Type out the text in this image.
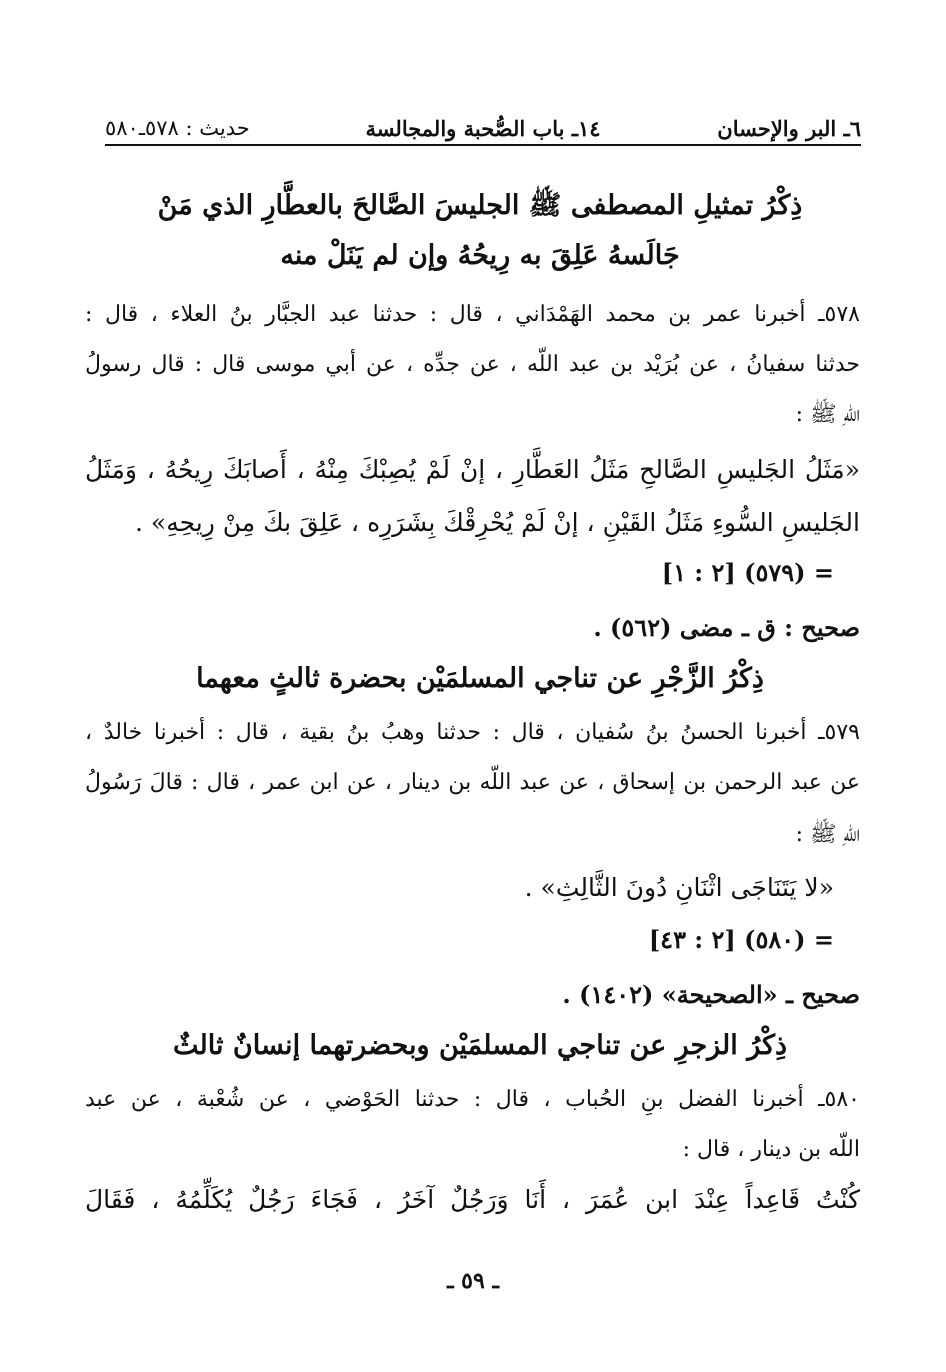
٦ـ البر والإحسان
١٤ـ باب الصُّحبة والمجالسة
حديث : ٥٧٨ـ٥٨٠
ذِكْرُ تمثيلِ المصطفى ﷺ الجليسَ الصَّالحَ بالعطَّارِ الذي مَنْ
جَالَسهُ عَلِقَ به رِيحُهُ وإن لم يَنَلْ منه
٥٧٨ـ أخبرنا عمر بن محمد الهَمْدَاني ، قال : حدثنا عبد الجبَّار بنُ العلاء ، قال :
حدثنا سفيانُ ، عن بُرَيْد بن عبد اللّه ، عن جدِّه ، عن أبي موسى قال : قال رسولُ
اللّهِ ﷺ :
«مَثَلُ الجَليسِ الصَّالحِ مَثَلُ العَطَّارِ ، إنْ لَمْ يُصِبْكَ مِنْهُ ، أَصابَكَ رِيحُهُ ، وَمَثَلُ
الجَليسِ السُّوءِ مَثَلُ القَيْنِ ، إنْ لَمْ يُحْرِقْكَ بِشَرَرِه ، عَلِقَ بكَ مِنْ رِيحِهِ» .
= (٥٧٩) [٢ : ١]
صحيح : ق ـ مضى (٥٦٢) .
ذِكْرُ الزَّجْرِ عن تناجي المسلمَيْن بحضرة ثالثٍ معهما
٥٧٩ـ أخبرنا الحسنُ بنُ سُفيان ، قال : حدثنا وهبُ بنُ بقية ، قال : أخبرنا خالدٌ ،
عن عبد الرحمن بن إسحاق ، عن عبد اللّه بن دينار ، عن ابن عمر ، قال : قالَ رَسُولُ
اللّهِ ﷺ :
«لا يَتَنَاجَى اثْنَانِ دُونَ الثَّالِثِ» .
= (٥٨٠) [٢ : ٤٣]
صحيح ـ «الصحيحة» (١٤٠٢) .
ذِكْرُ الزجرِ عن تناجي المسلمَيْن وبحضرتهما إنسانٌ ثالثٌ
٥٨٠ـ أخبرنا الفضل بنِ الحُباب ، قال : حدثنا الحَوْضي ، عن شُعْبة ، عن عبد
اللّه بن دينار ، قال :
كُنْتُ قَاعِداً عِنْدَ ابن عُمَرَ ، أَنَا وَرَجُلٌ آخَرُ ، فَجَاءَ رَجُلٌ يُكَلِّمُهُ ، فَقَالَ
ـ ٥٩ ـ
